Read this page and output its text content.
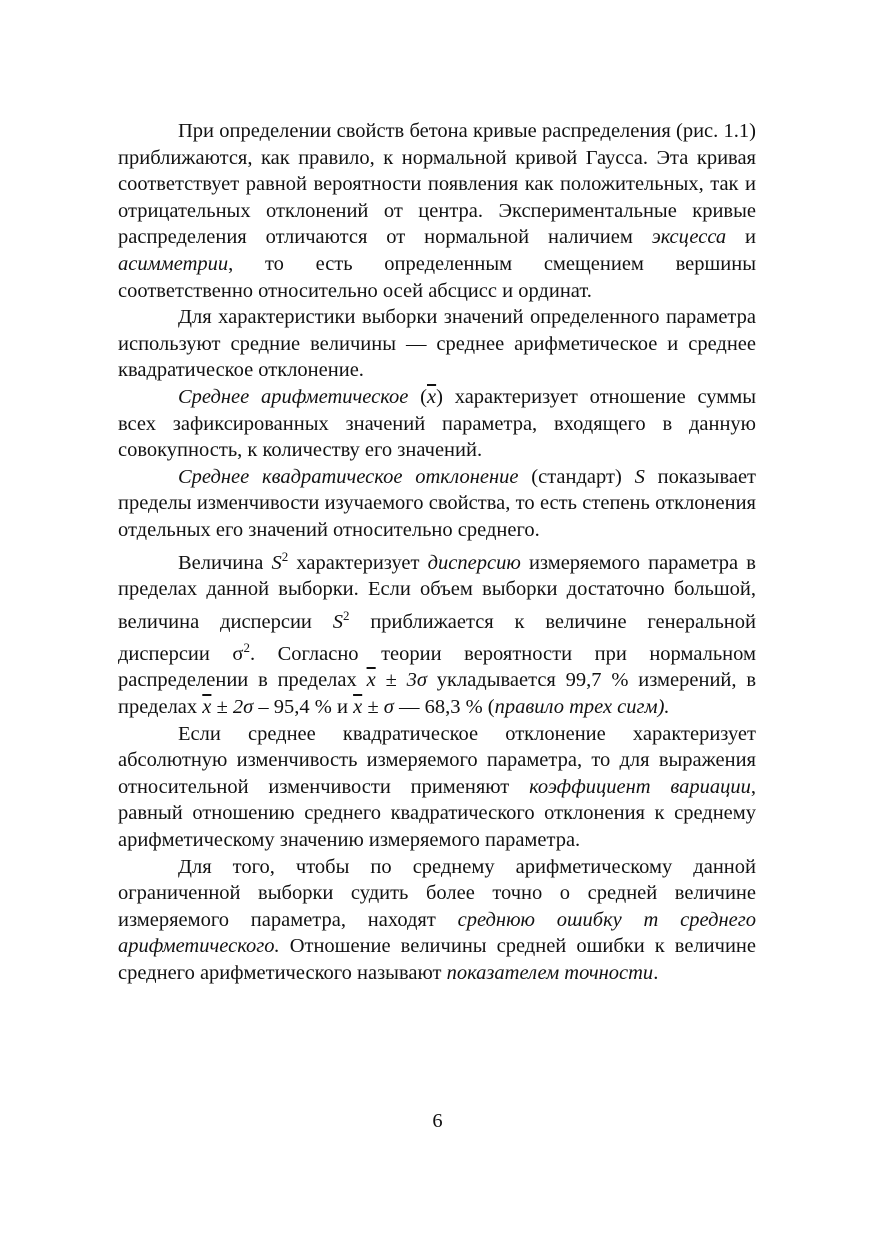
При определении свойств бетона кривые распределения (рис. 1.1) приближаются, как правило, к нормальной кривой Гаусса. Эта кривая соответствует равной вероятности появления как положительных, так и отрицательных отклонений от центра. Экспериментальные кривые распределения отличаются от нормальной наличием эксцесса и асимметрии, то есть определенным смещением вершины соответственно относительно осей абсцисс и ординат.

Для характеристики выборки значений определенного параметра используют средние величины — среднее арифметическое и среднее квадратическое отклонение.

Среднее арифметическое $(\overline{x})$ характеризует отношение суммы всех зафиксированных значений параметра, входящего в данную совокупность, к количеству его значений.

Среднее квадратическое отклонение (стандарт) S показывает пределы изменчивости изучаемого свойства, то есть степень отклонения отдельных его значений относительно среднего.

Величина $S^2$ характеризует дисперсию измеряемого параметра в пределах данной выборки. Если объем выборки достаточно большой, величина дисперсии $S^2$ приближается к величине генеральной дисперсии $\sigma^2$. Согласно теории вероятности при нормальном распределении в пределах $\overline{x} \pm 3\sigma$ укладывается 99,7 % измерений, в пределах $\overline{x} \pm 2\sigma - 95,4$ % и $\overline{x} \pm \sigma$ — 68,3 % (правило трех сигм).

Если среднее квадратическое отклонение характеризует абсолютную изменчивость измеряемого параметра, то для выражения относительной изменчивости применяют коэффициент вариации, равный отношению среднего квадратического отклонения к среднему арифметическому значению измеряемого параметра.

Для того, чтобы по среднему арифметическому данной ограниченной выборки судить более точно о средней величине измеряемого параметра, находят среднюю ошибку m среднего арифметического. Отношение величины средней ошибки к величине среднего арифметического называют показателем точности.

6
